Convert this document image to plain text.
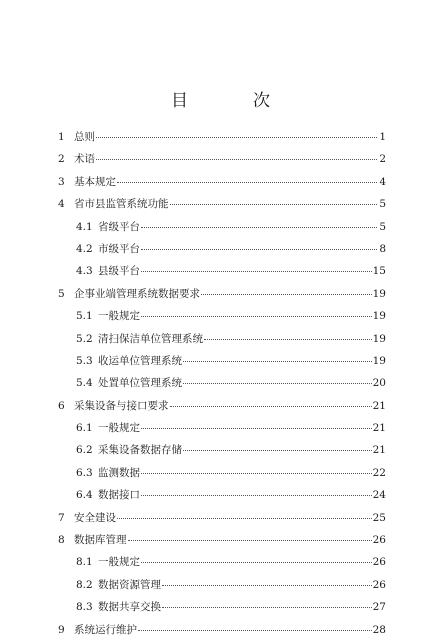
目　次
1 总则	1
2 术语	2
3 基本规定	4
4 省市县监管系统功能	5
4.1 省级平台	5
4.2 市级平台	8
4.3 县级平台	15
5 企事业端管理系统数据要求	19
5.1 一般规定	19
5.2 清扫保洁单位管理系统	19
5.3 收运单位管理系统	19
5.4 处置单位管理系统	20
6 采集设备与接口要求	21
6.1 一般规定	21
6.2 采集设备数据存储	21
6.3 监测数据	22
6.4 数据接口	24
7 安全建设	25
8 数据库管理	26
8.1 一般规定	26
8.2 数据资源管理	26
8.3 数据共享交换	27
9 系统运行维护	28
